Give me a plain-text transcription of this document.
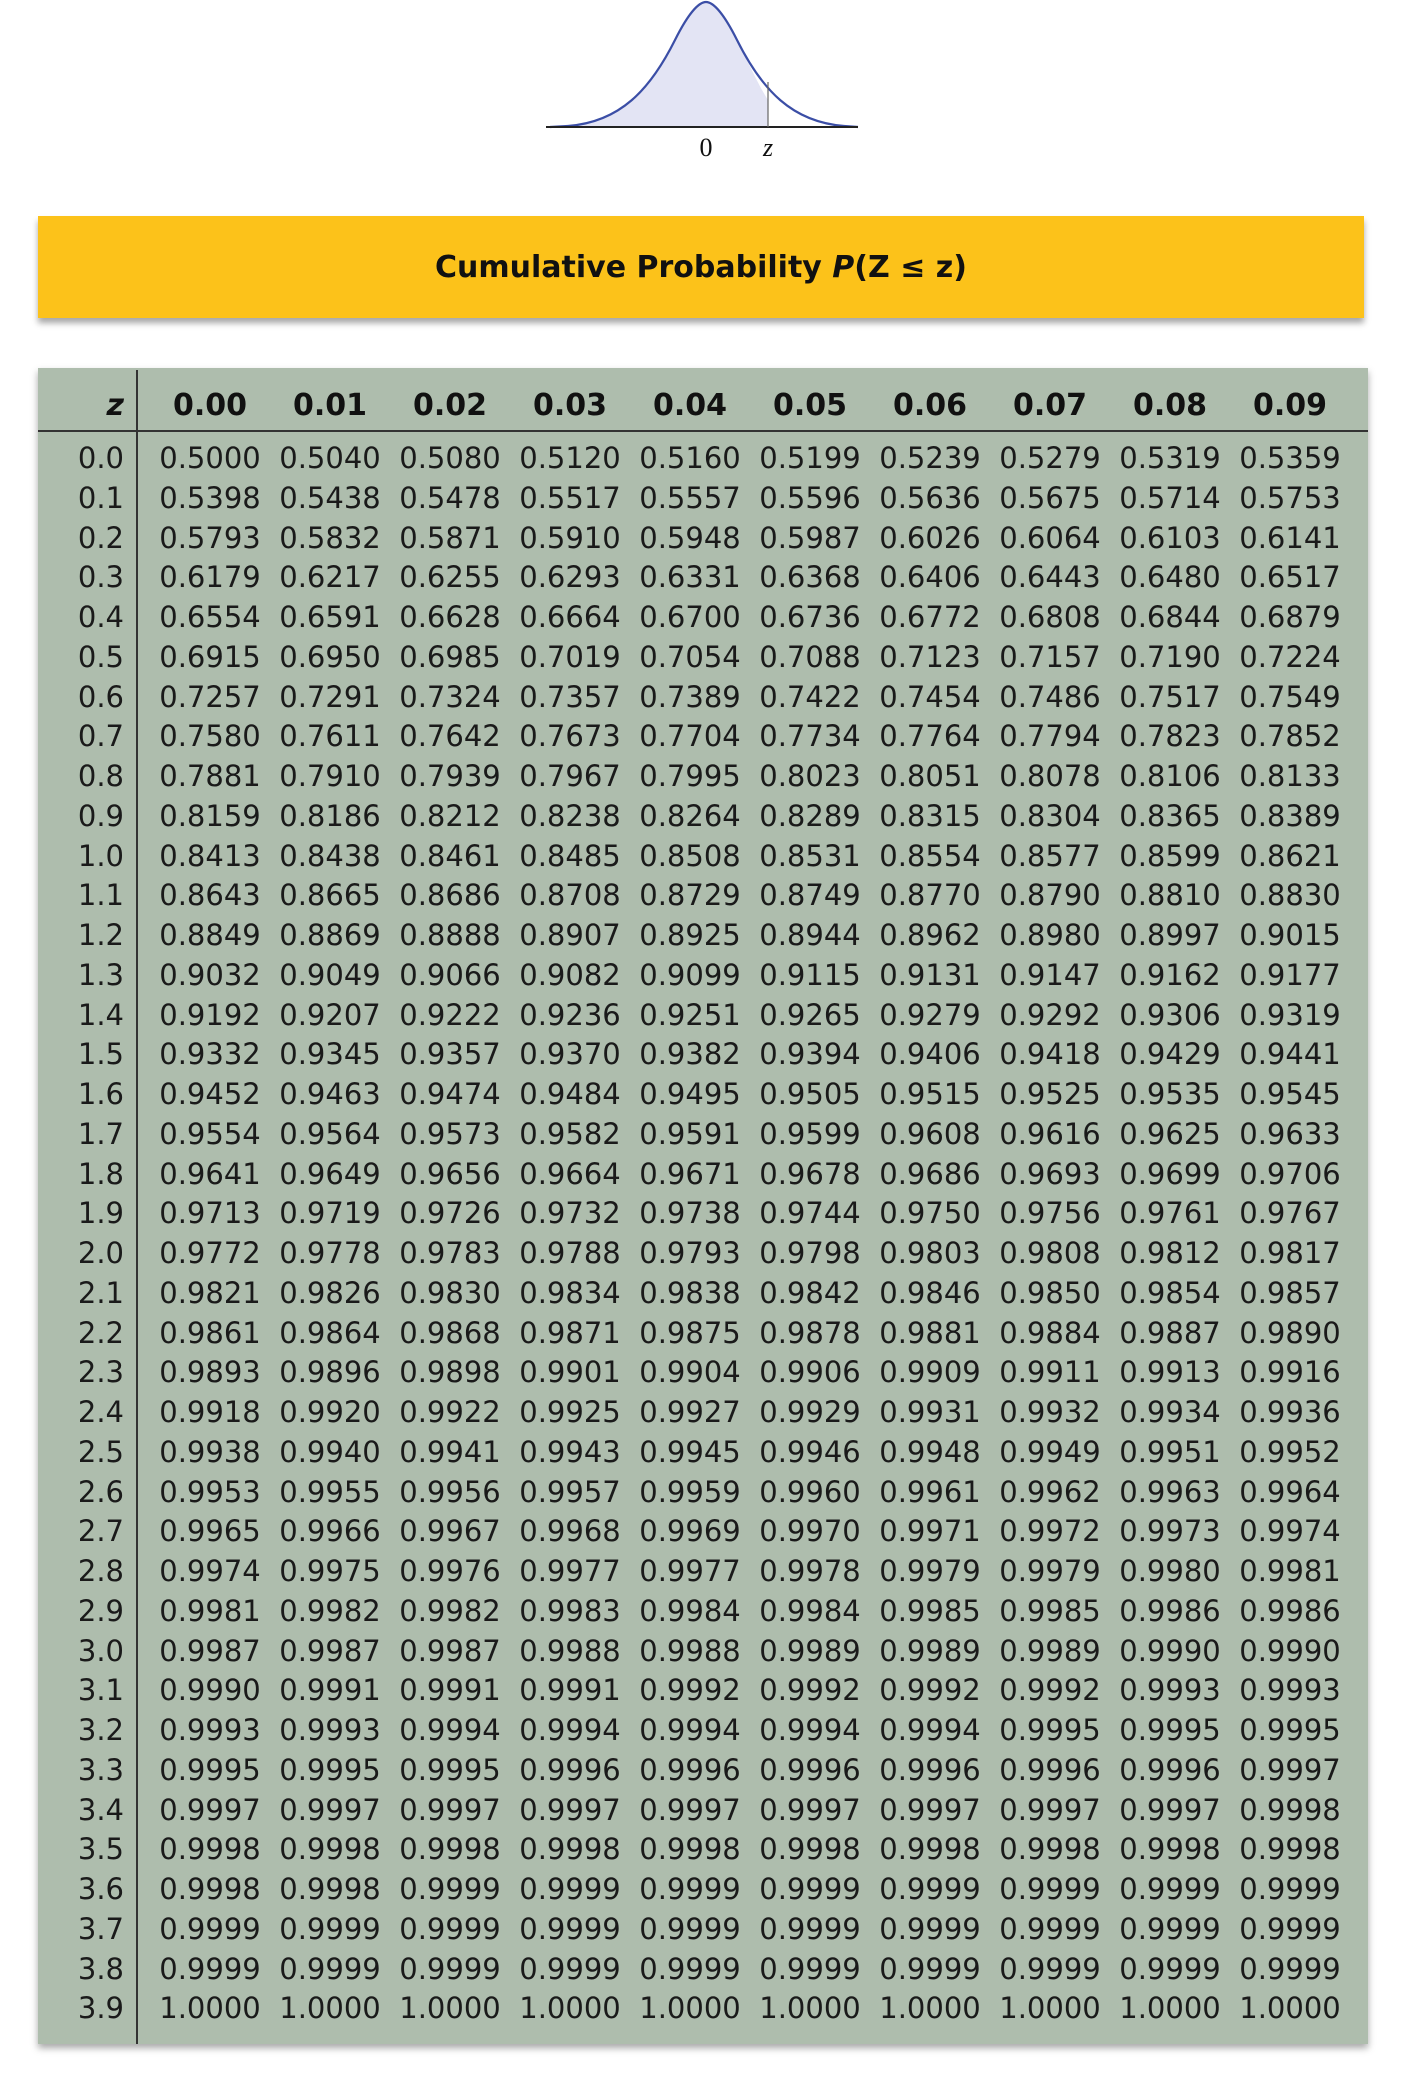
0 z
Cumulative Probability P(Z ≤ z)
z	0.00	0.01	0.02	0.03	0.04	0.05	0.06	0.07	0.08	0.09
0.0 0.5000 0.5040 0.5080 0.5120 0.5160 0.5199 0.5239 0.5279 0.5319 0.5359
0.1 0.5398 0.5438 0.5478 0.5517 0.5557 0.5596 0.5636 0.5675 0.5714 0.5753
0.2 0.5793 0.5832 0.5871 0.5910 0.5948 0.5987 0.6026 0.6064 0.6103 0.6141
0.3 0.6179 0.6217 0.6255 0.6293 0.6331 0.6368 0.6406 0.6443 0.6480 0.6517
0.4 0.6554 0.6591 0.6628 0.6664 0.6700 0.6736 0.6772 0.6808 0.6844 0.6879
0.5 0.6915 0.6950 0.6985 0.7019 0.7054 0.7088 0.7123 0.7157 0.7190 0.7224
0.6 0.7257 0.7291 0.7324 0.7357 0.7389 0.7422 0.7454 0.7486 0.7517 0.7549
0.7 0.7580 0.7611 0.7642 0.7673 0.7704 0.7734 0.7764 0.7794 0.7823 0.7852
0.8 0.7881 0.7910 0.7939 0.7967 0.7995 0.8023 0.8051 0.8078 0.8106 0.8133
0.9 0.8159 0.8186 0.8212 0.8238 0.8264 0.8289 0.8315 0.8304 0.8365 0.8389
1.0 0.8413 0.8438 0.8461 0.8485 0.8508 0.8531 0.8554 0.8577 0.8599 0.8621
1.1 0.8643 0.8665 0.8686 0.8708 0.8729 0.8749 0.8770 0.8790 0.8810 0.8830
1.2 0.8849 0.8869 0.8888 0.8907 0.8925 0.8944 0.8962 0.8980 0.8997 0.9015
1.3 0.9032 0.9049 0.9066 0.9082 0.9099 0.9115 0.9131 0.9147 0.9162 0.9177
1.4 0.9192 0.9207 0.9222 0.9236 0.9251 0.9265 0.9279 0.9292 0.9306 0.9319
1.5 0.9332 0.9345 0.9357 0.9370 0.9382 0.9394 0.9406 0.9418 0.9429 0.9441
1.6 0.9452 0.9463 0.9474 0.9484 0.9495 0.9505 0.9515 0.9525 0.9535 0.9545
1.7 0.9554 0.9564 0.9573 0.9582 0.9591 0.9599 0.9608 0.9616 0.9625 0.9633
1.8 0.9641 0.9649 0.9656 0.9664 0.9671 0.9678 0.9686 0.9693 0.9699 0.9706
1.9 0.9713 0.9719 0.9726 0.9732 0.9738 0.9744 0.9750 0.9756 0.9761 0.9767
2.0 0.9772 0.9778 0.9783 0.9788 0.9793 0.9798 0.9803 0.9808 0.9812 0.9817
2.1 0.9821 0.9826 0.9830 0.9834 0.9838 0.9842 0.9846 0.9850 0.9854 0.9857
2.2 0.9861 0.9864 0.9868 0.9871 0.9875 0.9878 0.9881 0.9884 0.9887 0.9890
2.3 0.9893 0.9896 0.9898 0.9901 0.9904 0.9906 0.9909 0.9911 0.9913 0.9916
2.4 0.9918 0.9920 0.9922 0.9925 0.9927 0.9929 0.9931 0.9932 0.9934 0.9936
2.5 0.9938 0.9940 0.9941 0.9943 0.9945 0.9946 0.9948 0.9949 0.9951 0.9952
2.6 0.9953 0.9955 0.9956 0.9957 0.9959 0.9960 0.9961 0.9962 0.9963 0.9964
2.7 0.9965 0.9966 0.9967 0.9968 0.9969 0.9970 0.9971 0.9972 0.9973 0.9974
2.8 0.9974 0.9975 0.9976 0.9977 0.9977 0.9978 0.9979 0.9979 0.9980 0.9981
2.9 0.9981 0.9982 0.9982 0.9983 0.9984 0.9984 0.9985 0.9985 0.9986 0.9986
3.0 0.9987 0.9987 0.9987 0.9988 0.9988 0.9989 0.9989 0.9989 0.9990 0.9990
3.1 0.9990 0.9991 0.9991 0.9991 0.9992 0.9992 0.9992 0.9992 0.9993 0.9993
3.2 0.9993 0.9993 0.9994 0.9994 0.9994 0.9994 0.9994 0.9995 0.9995 0.9995
3.3 0.9995 0.9995 0.9995 0.9996 0.9996 0.9996 0.9996 0.9996 0.9996 0.9997
3.4 0.9997 0.9997 0.9997 0.9997 0.9997 0.9997 0.9997 0.9997 0.9997 0.9998
3.5 0.9998 0.9998 0.9998 0.9998 0.9998 0.9998 0.9998 0.9998 0.9998 0.9998
3.6 0.9998 0.9998 0.9999 0.9999 0.9999 0.9999 0.9999 0.9999 0.9999 0.9999
3.7 0.9999 0.9999 0.9999 0.9999 0.9999 0.9999 0.9999 0.9999 0.9999 0.9999
3.8 0.9999 0.9999 0.9999 0.9999 0.9999 0.9999 0.9999 0.9999 0.9999 0.9999
3.9 1.0000 1.0000 1.0000 1.0000 1.0000 1.0000 1.0000 1.0000 1.0000 1.0000
